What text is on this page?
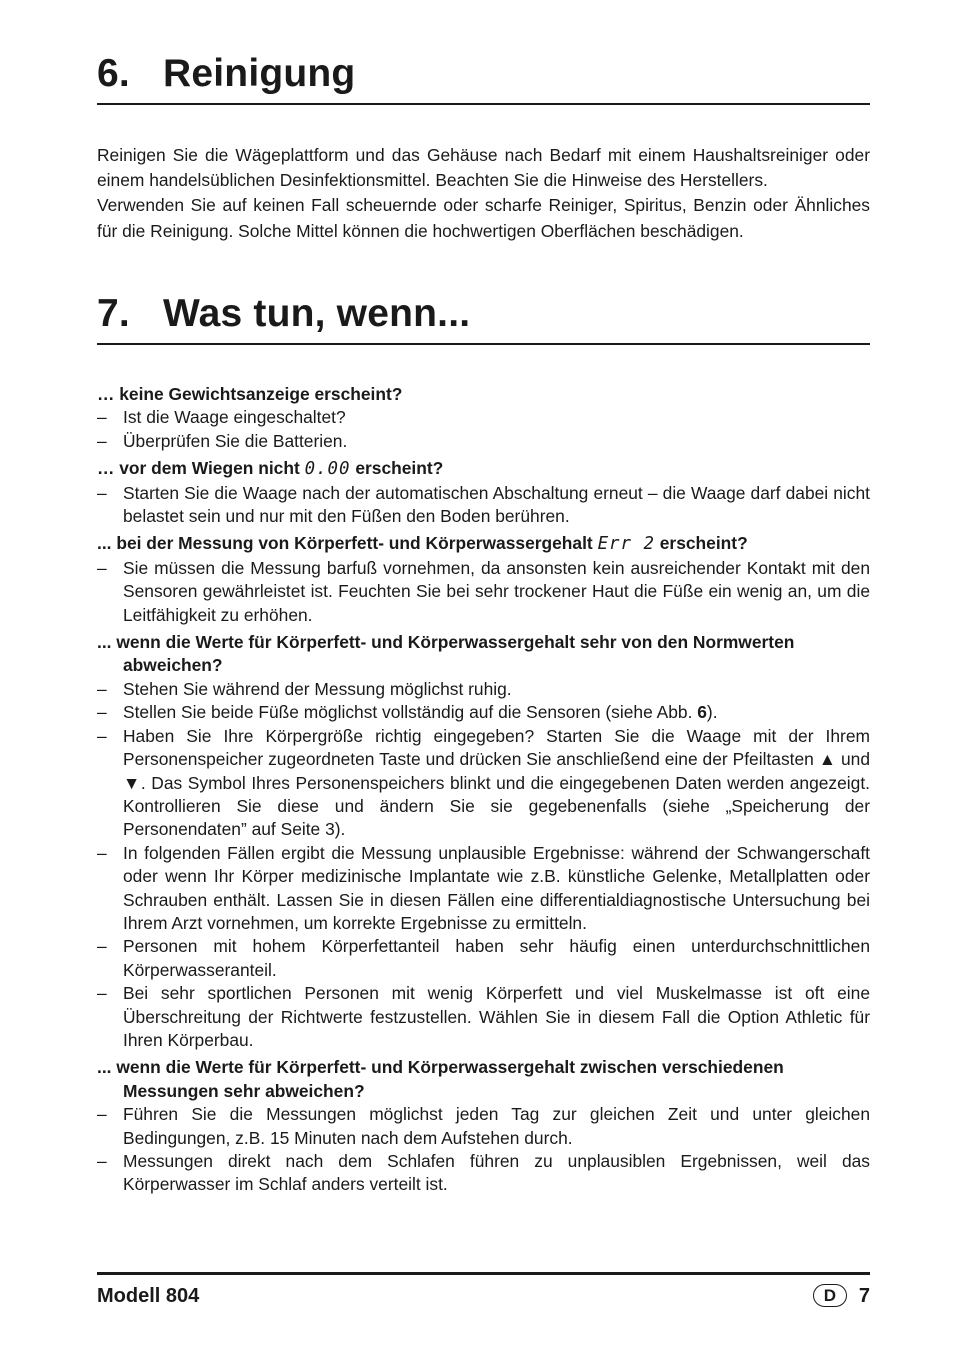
6. Reinigung

Reinigen Sie die Wägeplattform und das Gehäuse nach Bedarf mit einem Haushaltsreiniger oder einem handelsüblichen Desinfektionsmittel. Beachten Sie die Hinweise des Herstellers.

Verwenden Sie auf keinen Fall scheuernde oder scharfe Reiniger, Spiritus, Benzin oder Ähnliches für die Reinigung. Solche Mittel können die hochwertigen Oberflächen beschädigen.

7. Was tun, wenn...

… keine Gewichtsanzeige erscheint?

– Ist die Waage eingeschaltet?

– Überprüfen Sie die Batterien.

… vor dem Wiegen nicht 0.00 erscheint?

– Starten Sie die Waage nach der automatischen Abschaltung erneut – die Waage darf dabei nicht belastet sein und nur mit den Füßen den Boden berühren.

... bei der Messung von Körperfett- und Körperwassergehalt Err 2 erscheint?

– Sie müssen die Messung barfuß vornehmen, da ansonsten kein ausreichender Kontakt mit den Sensoren gewährleistet ist. Feuchten Sie bei sehr trockener Haut die Füße ein wenig an, um die Leitfähigkeit zu erhöhen.

... wenn die Werte für Körperfett- und Körperwassergehalt sehr von den Normwerten abweichen?

– Stehen Sie während der Messung möglichst ruhig.

– Stellen Sie beide Füße möglichst vollständig auf die Sensoren (siehe Abb. 6).

– Haben Sie Ihre Körpergröße richtig eingegeben? Starten Sie die Waage mit der Ihrem Personenspeicher zugeordneten Taste und drücken Sie anschließend eine der Pfeiltasten ▲ und ▼. Das Symbol Ihres Personenspeichers blinkt und die eingegebenen Daten werden angezeigt. Kontrollieren Sie diese und ändern Sie sie gegebenenfalls (siehe „Speicherung der Personendaten” auf Seite 3).

– In folgenden Fällen ergibt die Messung unplausible Ergebnisse: während der Schwangerschaft oder wenn Ihr Körper medizinische Implantate wie z.B. künstliche Gelenke, Metallplatten oder Schrauben enthält. Lassen Sie in diesen Fällen eine differentialdiagnostische Untersuchung bei Ihrem Arzt vornehmen, um korrekte Ergebnisse zu ermitteln.

– Personen mit hohem Körperfettanteil haben sehr häufig einen unterdurchschnittlichen Körperwasseranteil.

– Bei sehr sportlichen Personen mit wenig Körperfett und viel Muskelmasse ist oft eine Überschreitung der Richtwerte festzustellen. Wählen Sie in diesem Fall die Option Athletic für Ihren Körperbau.

... wenn die Werte für Körperfett- und Körperwassergehalt zwischen verschiedenen Messungen sehr abweichen?

– Führen Sie die Messungen möglichst jeden Tag zur gleichen Zeit und unter gleichen Bedingungen, z.B. 15 Minuten nach dem Aufstehen durch.

– Messungen direkt nach dem Schlafen führen zu unplausiblen Ergebnissen, weil das Körperwasser im Schlaf anders verteilt ist.

Modell 804	D 7
